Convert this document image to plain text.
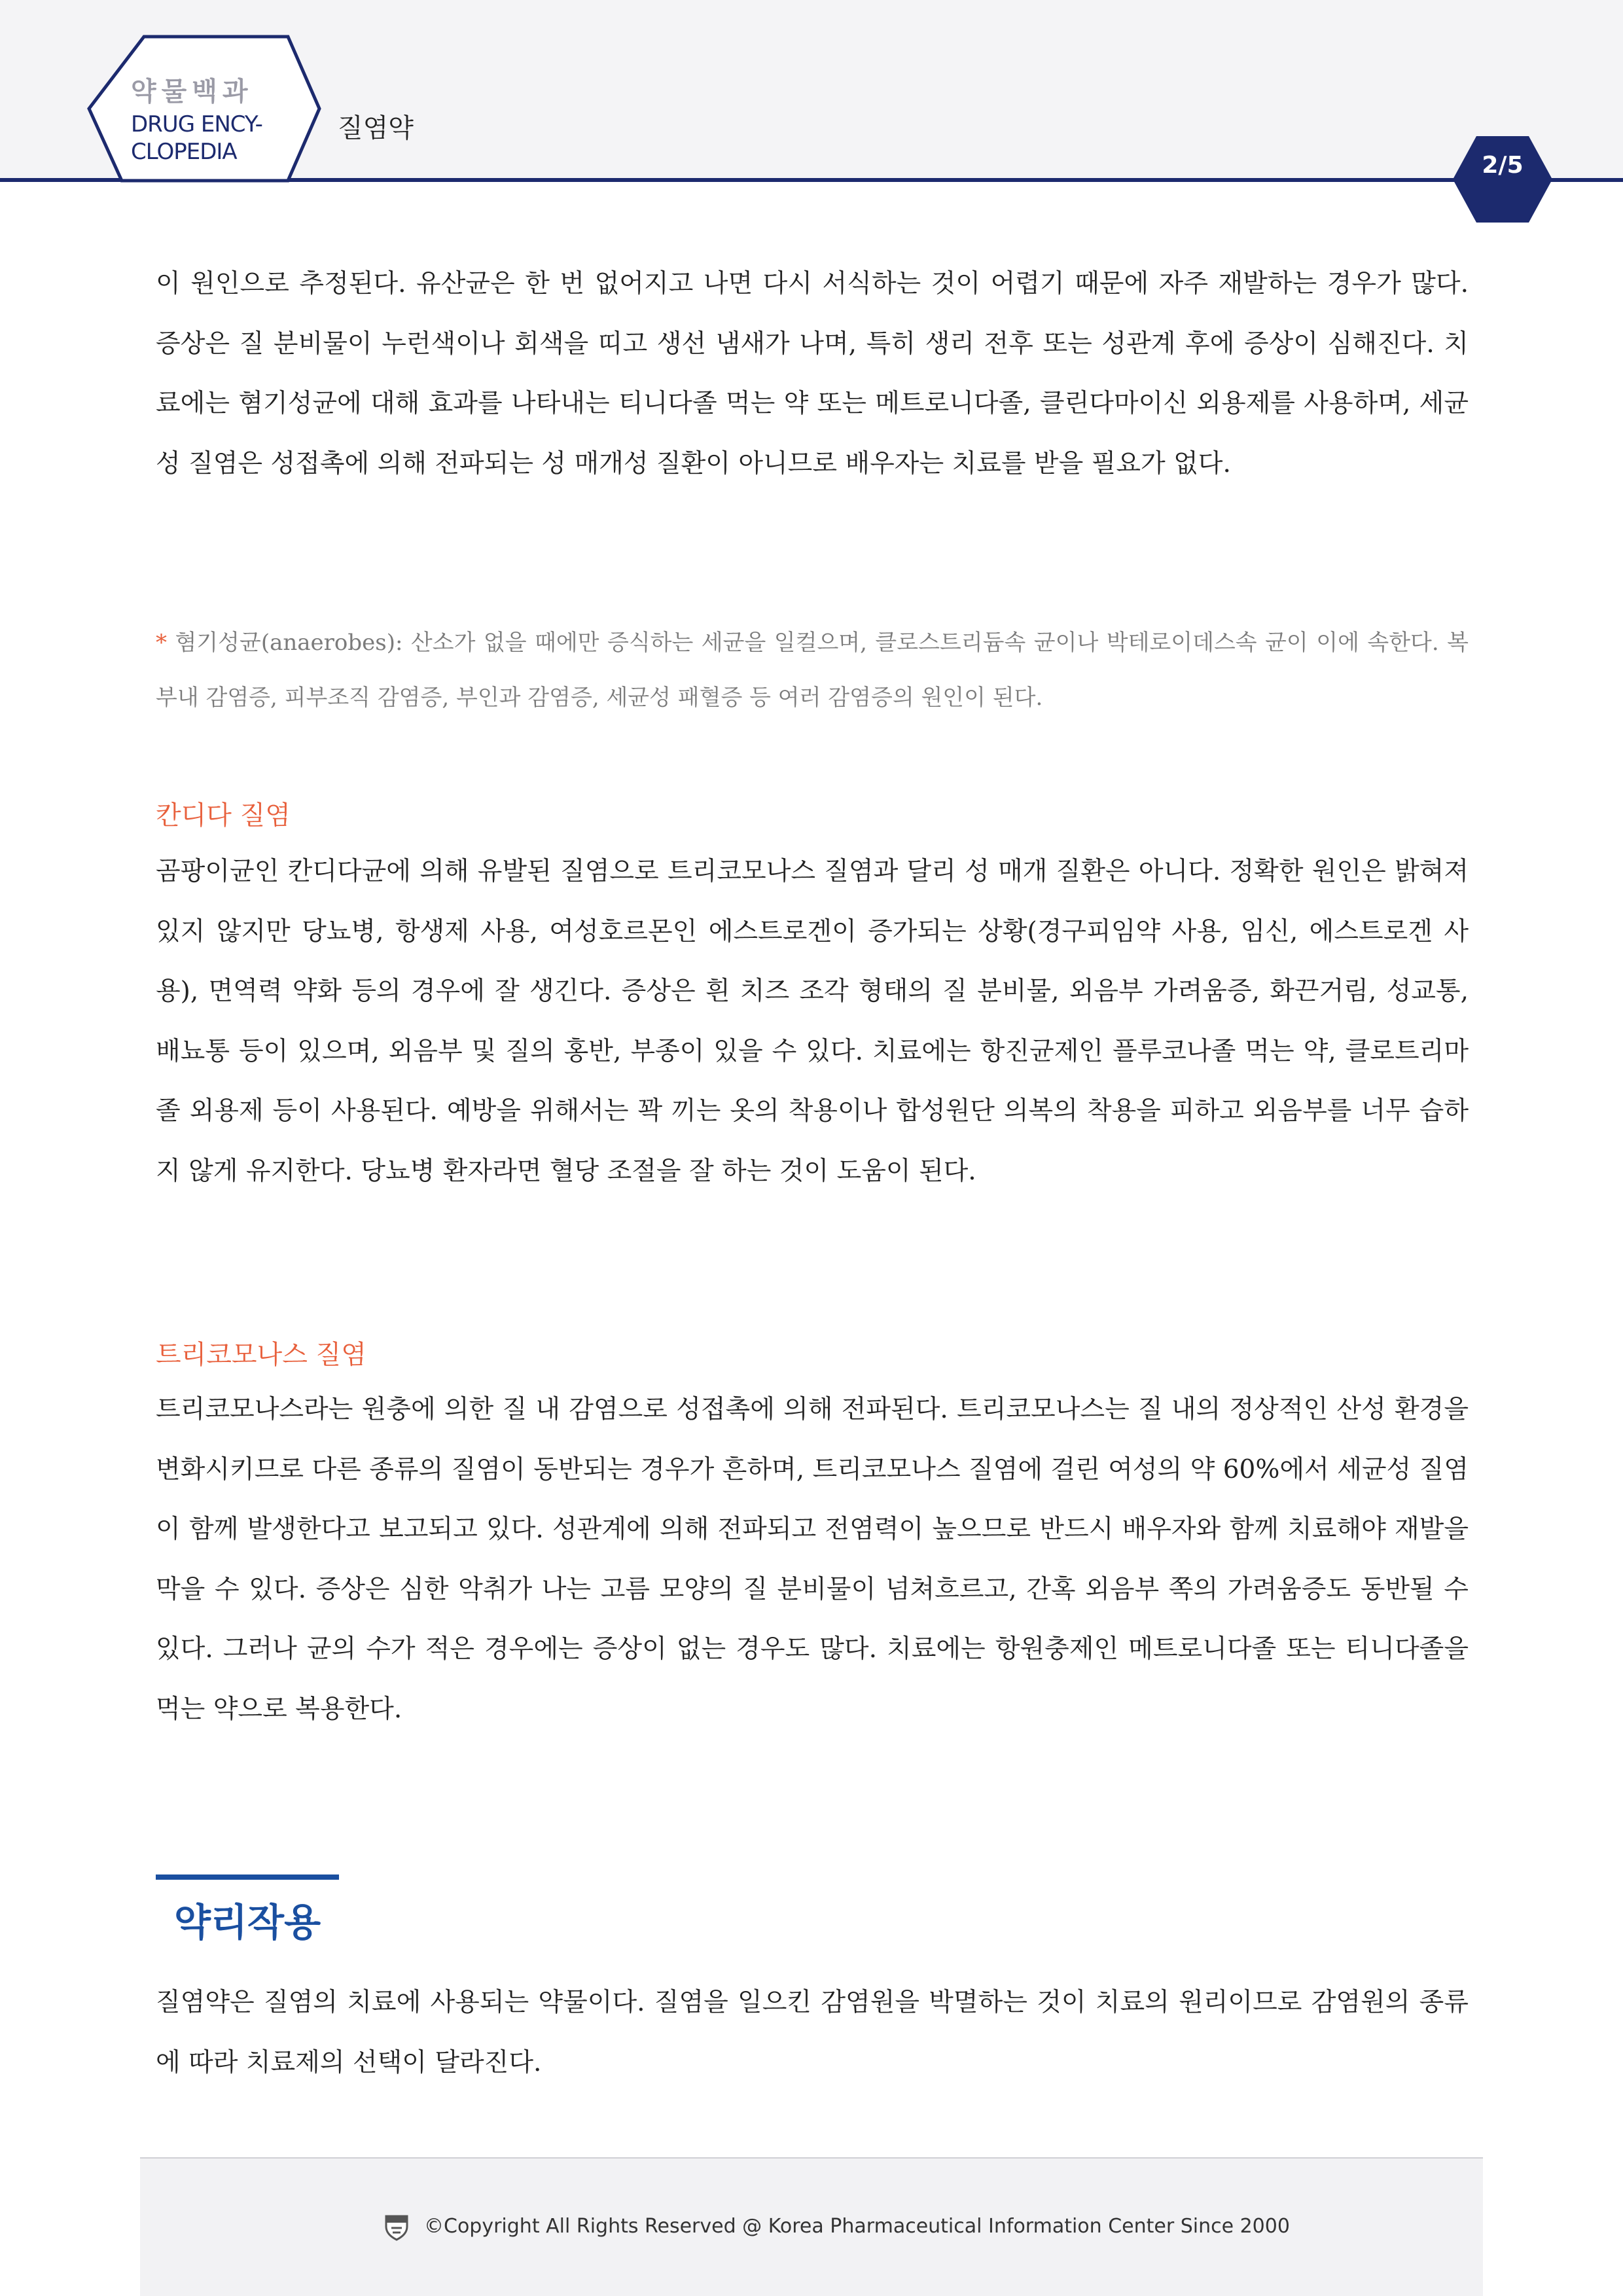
약물백과
DRUG ENCY-
CLOPEDIA
질염약
2/5

이 원인으로 추정된다. 유산균은 한 번 없어지고 나면 다시 서식하는 것이 어렵기 때문에 자주 재발하는 경우가 많다. 증상은 질 분비물이 누런색이나 회색을 띠고 생선 냄새가 나며, 특히 생리 전후 또는 성관계 후에 증상이 심해진다. 치료에는 혐기성균에 대해 효과를 나타내는 티니다졸 먹는 약 또는 메트로니다졸, 클린다마이신 외용제를 사용하며, 세균성 질염은 성접촉에 의해 전파되는 성 매개성 질환이 아니므로 배우자는 치료를 받을 필요가 없다.

* 혐기성균(anaerobes): 산소가 없을 때에만 증식하는 세균을 일컬으며, 클로스트리듐속 균이나 박테로이데스속 균이 이에 속한다. 복부내 감염증, 피부조직 감염증, 부인과 감염증, 세균성 패혈증 등 여러 감염증의 원인이 된다.

칸디다 질염

곰팡이균인 칸디다균에 의해 유발된 질염으로 트리코모나스 질염과 달리 성 매개 질환은 아니다. 정확한 원인은 밝혀져 있지 않지만 당뇨병, 항생제 사용, 여성호르몬인 에스트로겐이 증가되는 상황(경구피임약 사용, 임신, 에스트로겐 사용), 면역력 약화 등의 경우에 잘 생긴다. 증상은 흰 치즈 조각 형태의 질 분비물, 외음부 가려움증, 화끈거림, 성교통, 배뇨통 등이 있으며, 외음부 및 질의 홍반, 부종이 있을 수 있다. 치료에는 항진균제인 플루코나졸 먹는 약, 클로트리마졸 외용제 등이 사용된다. 예방을 위해서는 꽉 끼는 옷의 착용이나 합성원단 의복의 착용을 피하고 외음부를 너무 습하지 않게 유지한다. 당뇨병 환자라면 혈당 조절을 잘 하는 것이 도움이 된다.

트리코모나스 질염

트리코모나스라는 원충에 의한 질 내 감염으로 성접촉에 의해 전파된다. 트리코모나스는 질 내의 정상적인 산성 환경을 변화시키므로 다른 종류의 질염이 동반되는 경우가 흔하며, 트리코모나스 질염에 걸린 여성의 약 60%에서 세균성 질염이 함께 발생한다고 보고되고 있다. 성관계에 의해 전파되고 전염력이 높으므로 반드시 배우자와 함께 치료해야 재발을 막을 수 있다. 증상은 심한 악취가 나는 고름 모양의 질 분비물이 넘쳐흐르고, 간혹 외음부 쪽의 가려움증도 동반될 수 있다. 그러나 균의 수가 적은 경우에는 증상이 없는 경우도 많다. 치료에는 항원충제인 메트로니다졸 또는 티니다졸을 먹는 약으로 복용한다.

약리작용

질염약은 질염의 치료에 사용되는 약물이다. 질염을 일으킨 감염원을 박멸하는 것이 치료의 원리이므로 감염원의 종류에 따라 치료제의 선택이 달라진다.

©Copyright All Rights Reserved @ Korea Pharmaceutical Information Center Since 2000
